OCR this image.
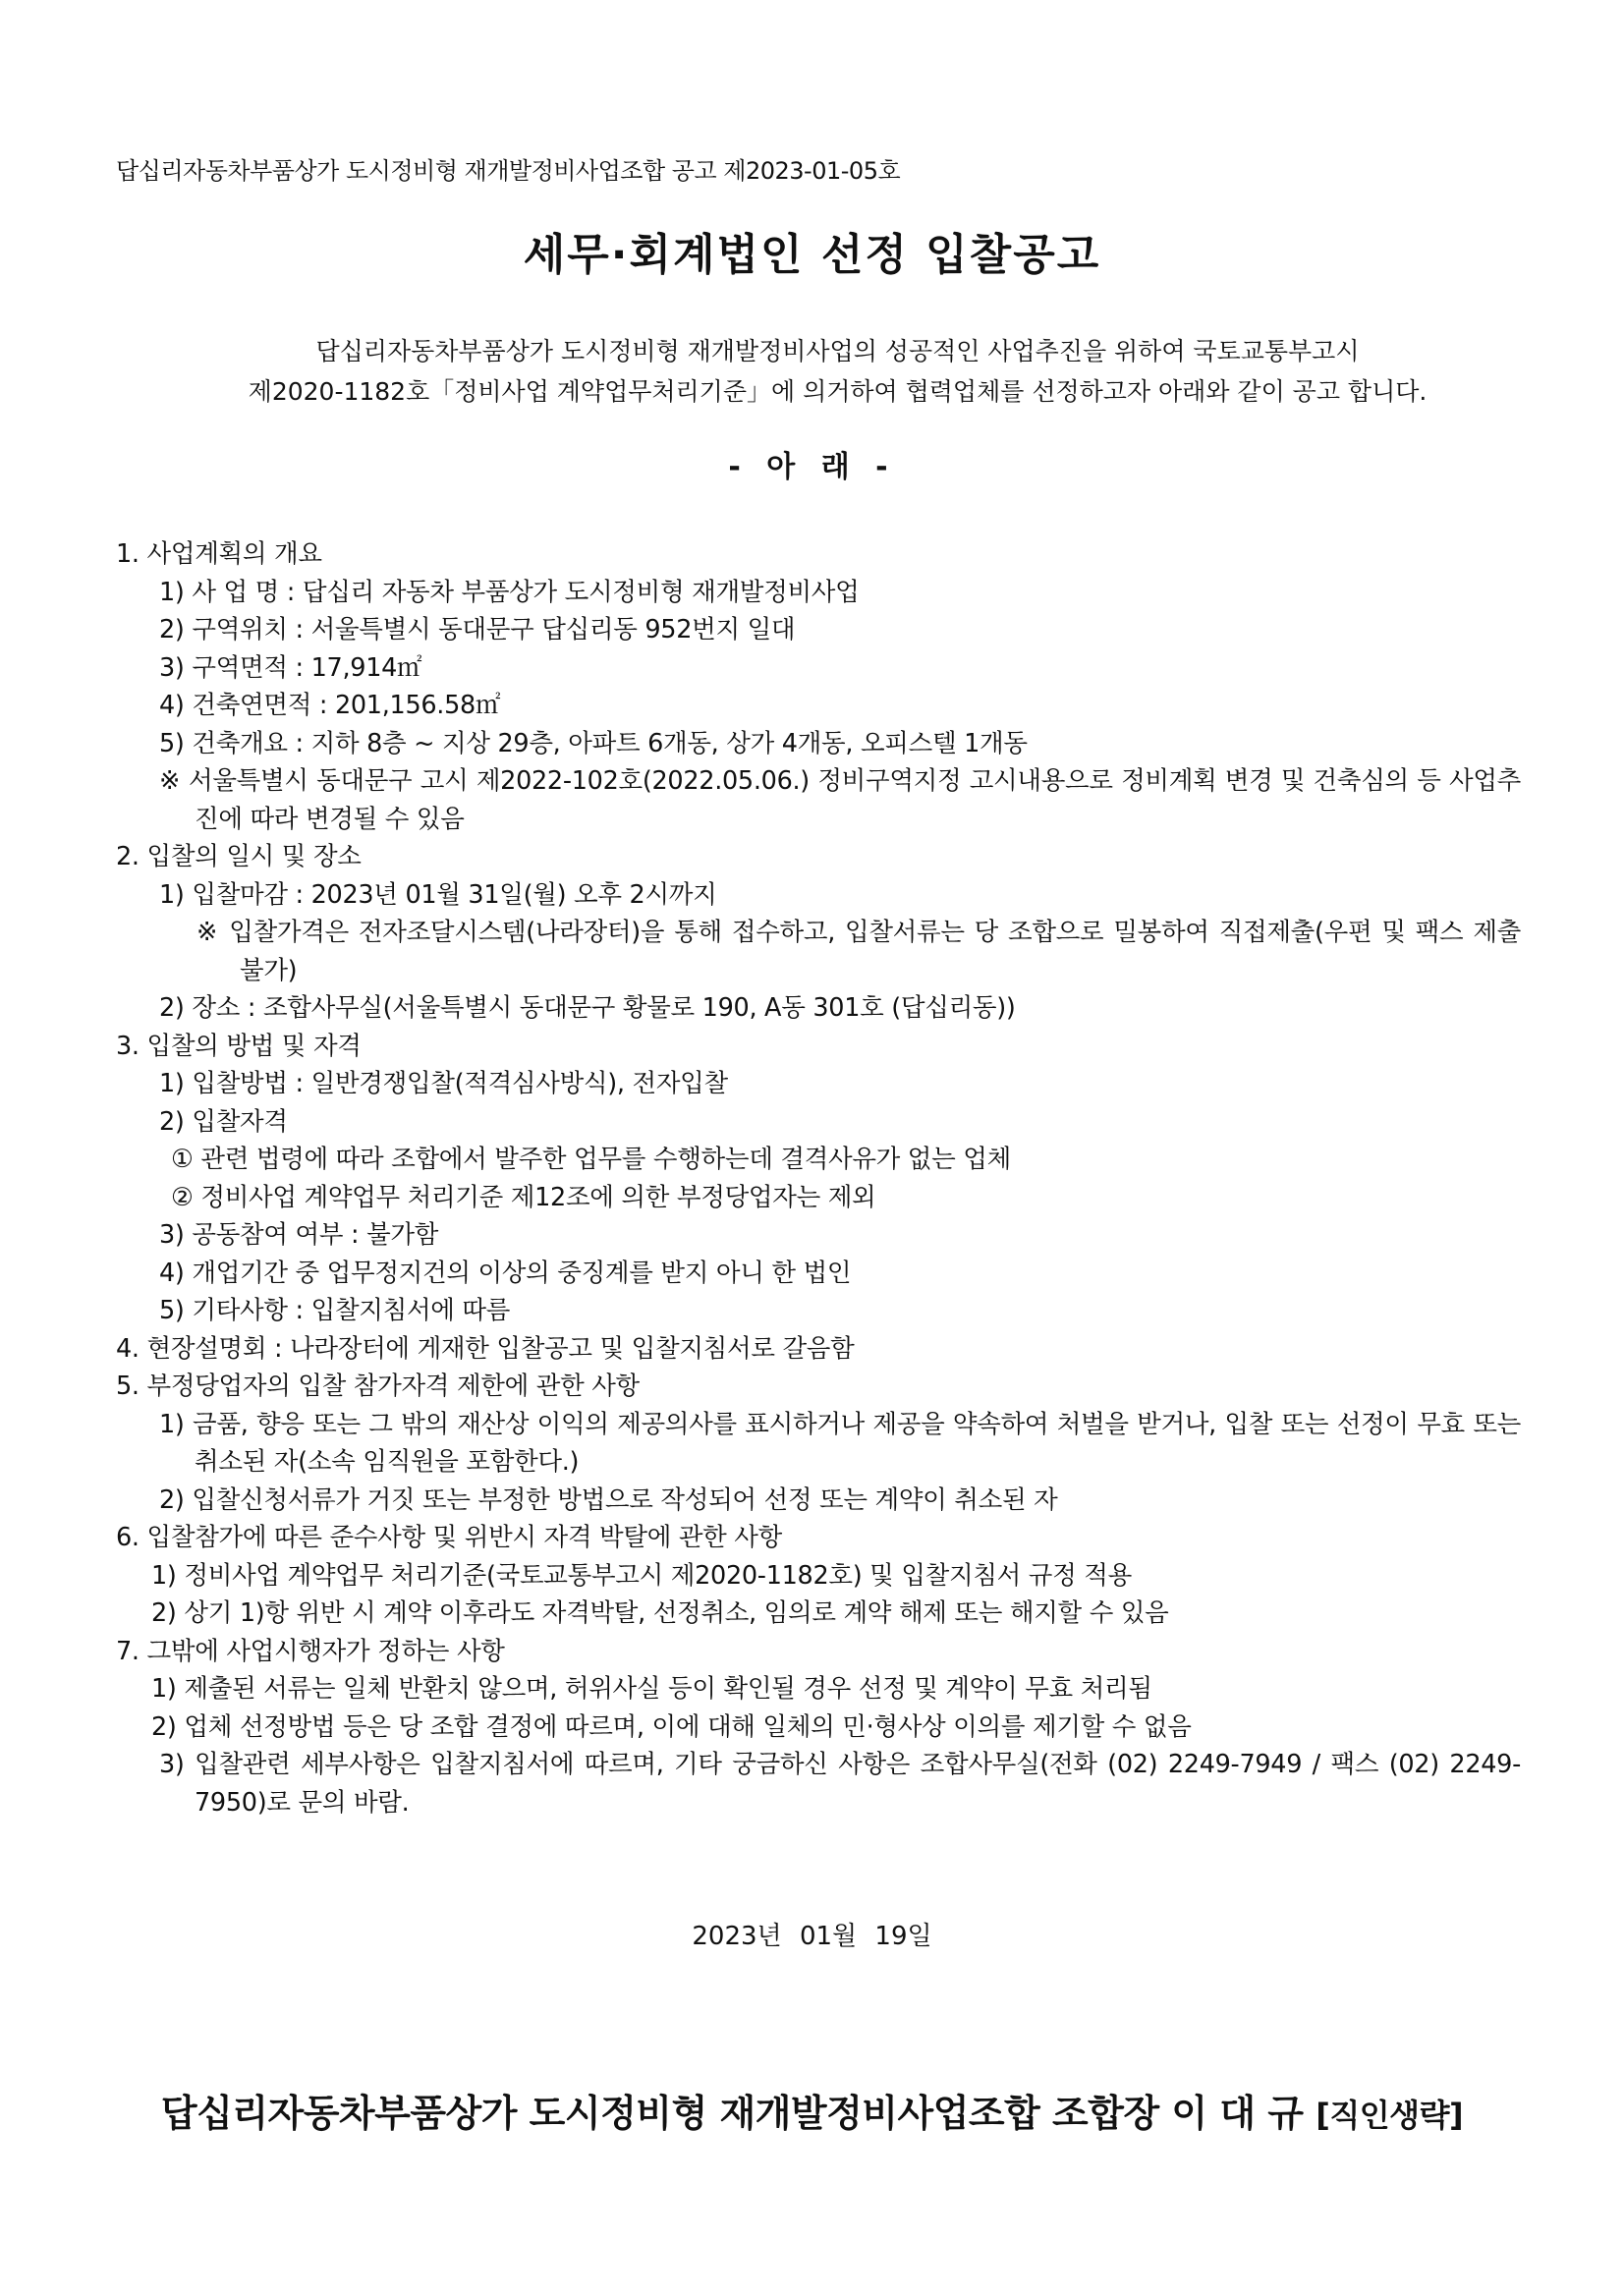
답십리자동차부품상가 도시정비형 재개발정비사업조합 공고 제2023-01-05호
세무·회계법인 선정 입찰공고
답십리자동차부품상가 도시정비형 재개발정비사업의 성공적인 사업추진을 위하여 국토교통부고시
제2020-1182호「정비사업 계약업무처리기준」에 의거하여 협력업체를 선정하고자 아래와 같이 공고 합니다.
- 아 래 -
1. 사업계획의 개요
1) 사 업 명 : 답십리 자동차 부품상가 도시정비형 재개발정비사업
2) 구역위치 : 서울특별시 동대문구 답십리동 952번지 일대
3) 구역면적 : 17,914㎡
4) 건축연면적 : 201,156.58㎡
5) 건축개요 : 지하 8층 ~ 지상 29층, 아파트 6개동, 상가 4개동, 오피스텔 1개동
※ 서울특별시 동대문구 고시 제2022-102호(2022.05.06.) 정비구역지정 고시내용으로 정비계획 변경 및 건축심의 등 사업추진에 따라 변경될 수 있음
2. 입찰의 일시 및 장소
1) 입찰마감 : 2023년 01월 31일(월) 오후 2시까지
※ 입찰가격은 전자조달시스템(나라장터)을 통해 접수하고, 입찰서류는 당 조합으로 밀봉하여 직접제출(우편 및 팩스 제출 불가)
2) 장소 : 조합사무실(서울특별시 동대문구 황물로 190, A동 301호 (답십리동))
3. 입찰의 방법 및 자격
1) 입찰방법 : 일반경쟁입찰(적격심사방식), 전자입찰
2) 입찰자격
① 관련 법령에 따라 조합에서 발주한 업무를 수행하는데 결격사유가 없는 업체
② 정비사업 계약업무 처리기준 제12조에 의한 부정당업자는 제외
3) 공동참여 여부 : 불가함
4) 개업기간 중 업무정지건의 이상의 중징계를 받지 아니 한 법인
5) 기타사항 : 입찰지침서에 따름
4. 현장설명회 : 나라장터에 게재한 입찰공고 및 입찰지침서로 갈음함
5. 부정당업자의 입찰 참가자격 제한에 관한 사항
1) 금품, 향응 또는 그 밖의 재산상 이익의 제공의사를 표시하거나 제공을 약속하여 처벌을 받거나, 입찰 또는 선정이 무효 또는 취소된 자(소속 임직원을 포함한다.)
2) 입찰신청서류가 거짓 또는 부정한 방법으로 작성되어 선정 또는 계약이 취소된 자
6. 입찰참가에 따른 준수사항 및 위반시 자격 박탈에 관한 사항
1) 정비사업 계약업무 처리기준(국토교통부고시 제2020-1182호) 및 입찰지침서 규정 적용
2) 상기 1)항 위반 시 계약 이후라도 자격박탈, 선정취소, 임의로 계약 해제 또는 해지할 수 있음
7. 그밖에 사업시행자가 정하는 사항
1) 제출된 서류는 일체 반환치 않으며, 허위사실 등이 확인될 경우 선정 및 계약이 무효 처리됨
2) 업체 선정방법 등은 당 조합 결정에 따르며, 이에 대해 일체의 민·형사상 이의를 제기할 수 없음
3) 입찰관련 세부사항은 입찰지침서에 따르며, 기타 궁금하신 사항은 조합사무실(전화 (02) 2249-7949 / 팩스 (02) 2249-7950)로 문의 바람.
2023년 01월 19일
답십리자동차부품상가 도시정비형 재개발정비사업조합 조합장 이 대 규 [직인생략]
